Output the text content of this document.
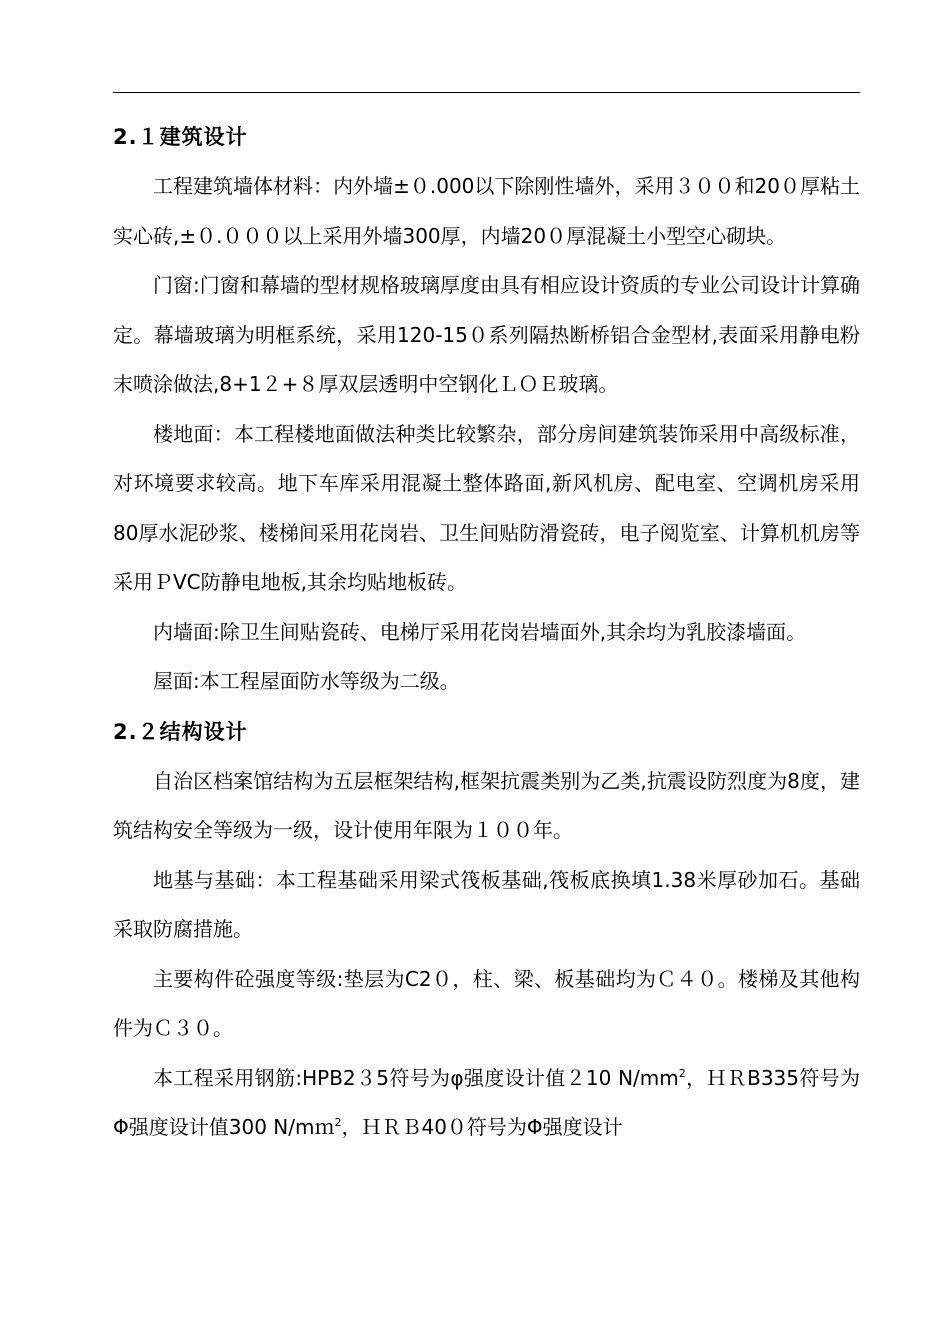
2.１建筑设计

工程建筑墙体材料：内外墙±０.000以下除刚性墙外，采用３００和20０厚粘土实心砖,±０.０００以上采用外墙300厚，内墙20０厚混凝土小型空心砌块。

门窗:门窗和幕墙的型材规格玻璃厚度由具有相应设计资质的专业公司设计计算确定。幕墙玻璃为明框系统，采用120-15０系列隔热断桥铝合金型材,表面采用静电粉末喷涂做法,8+1２+８厚双层透明中空钢化ＬＯＥ玻璃。

楼地面：本工程楼地面做法种类比较繁杂，部分房间建筑装饰采用中高级标准，对环境要求较高。地下车库采用混凝土整体路面,新风机房、配电室、空调机房采用80厚水泥砂浆、楼梯间采用花岗岩、卫生间贴防滑瓷砖，电子阅览室、计算机机房等采用ＰVC防静电地板,其余均贴地板砖。

内墙面:除卫生间贴瓷砖、电梯厅采用花岗岩墙面外,其余均为乳胶漆墙面。

屋面:本工程屋面防水等级为二级。

2.２结构设计

自治区档案馆结构为五层框架结构,框架抗震类别为乙类,抗震设防烈度为8度，建筑结构安全等级为一级，设计使用年限为１００年。

地基与基础：本工程基础采用梁式筏板基础,筏板底换填1.38米厚砂加石。基础采取防腐措施。

主要构件砼强度等级:垫层为C2０，柱、梁、板基础均为Ｃ４０。楼梯及其他构件为Ｃ３０。

本工程采用钢筋:HPB2３5符号为φ强度设计值２10 $N/mm^2$，ＨＲB335符号为Φ强度设计值300 N/mｍ$^2$，ＨＲＢ40０符号为Φ强度设计
